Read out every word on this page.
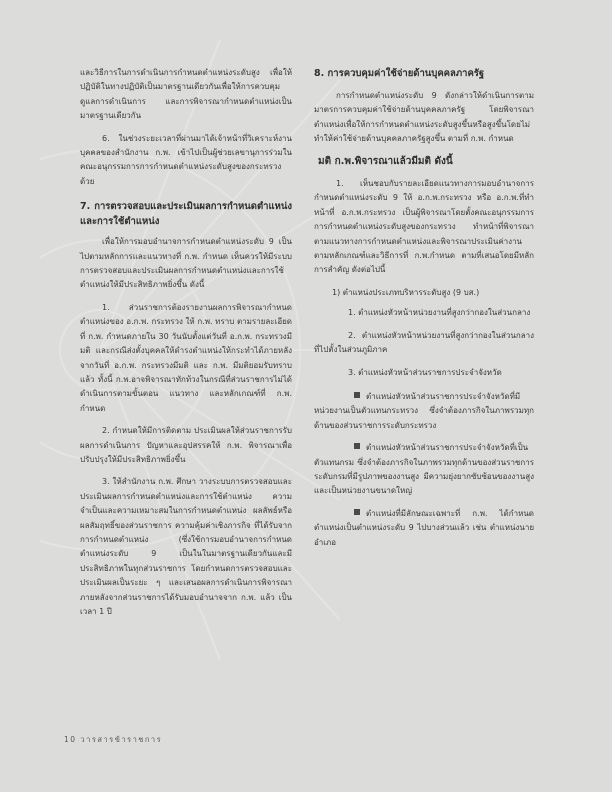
และวิธีการในการดำเนินการกำหนดตำแหน่งระดับสูง เพื่อให้ปฏิบัติในทางปฏิบัติเป็นมาตรฐานเดียวกันเพื่อให้การควบคุม ดูแลการดำเนินการ และการพิจารณากำหนดตำแหน่งเป็นมาตรฐานเดียวกัน

6. ในช่วงระยะเวลาที่ผ่านมาได้เจ้าหน้าที่วิเคราะห์งานบุคคลของสำนักงาน ก.พ. เข้าไปเป็นผู้ช่วยเลขานุการร่วมในคณะอนุกรรมการการกำหนดตำแหน่งระดับสูงของกระทรวงด้วย

7. การตรวจสอบและประเมินผลการกำหนดตำแหน่งและการใช้ตำแหน่ง

เพื่อให้การมอบอำนาจการกำหนดตำแหน่งระดับ 9 เป็นไปตามหลักการและแนวทางที่ ก.พ. กำหนด เห็นควรให้มีระบบการตรวจสอบและประเมินผลการกำหนดตำแหน่งและการใช้ตำแหน่งให้มีประสิทธิภาพยิ่งขึ้น ดังนี้

1. ส่วนราชการต้องรายงานผลการพิจารณากำหนดตำแหน่งของ อ.ก.พ. กระทรวง ให้ ก.พ. ทราบ ตามรายละเอียดที่ ก.พ. กำหนดภายใน 30 วันนับตั้งแต่วันที่ อ.ก.พ. กระทรวงมีมติ และกรณีส่งตั้งบุคคลให้ดำรงตำแหน่งให้กระทำได้ภายหลังจากวันที่ อ.ก.พ. กระทรวงมีมติ และ ก.พ. มีมติยอมรับทราบแล้ว ทั้งนี้ ก.พ.อาจพิจารณาทักท้วงในกรณีที่ส่วนราชการไม่ได้ดำเนินการตามขั้นตอน แนวทาง และหลักเกณฑ์ที่ ก.พ. กำหนด

2. กำหนดให้มีการติดตาม ประเมินผลให้ส่วนราชการรับผลการดำเนินการ ปัญหาและอุปสรรคให้ ก.พ. พิจารณาเพื่อปรับปรุงให้มีประสิทธิภาพยิ่งขึ้น

3. ให้สำนักงาน ก.พ. ศึกษา วางระบบการตรวจสอบและประเมินผลการกำหนดตำแหน่งและการใช้ตำแหน่ง ความจำเป็นและความเหมาะสมในการกำหนดตำแหน่ง ผลลัพธ์หรือผลสัมฤทธิ์ของส่วนราชการ ความคุ้มค่าเชิงภารกิจ ที่ได้รับจากการกำหนดตำแหน่ง (ซึ่งใช้การมอบอำนาจการกำหนดตำแหน่งระดับ 9 เป็นในในมาตรฐานเดียวกันและมีประสิทธิภาพในทุกส่วนราชการ โดยกำหนดการตรวจสอบและประเมินผลเป็นระยะ ๆ และเสนอผลการดำเนินการพิจารณาภายหลังจากส่วนราชการได้รับมอบอำนาจจาก ก.พ. แล้ว เป็นเวลา 1 ปี

8. การควบคุมค่าใช้จ่ายด้านบุคคลภาครัฐ

การกำหนดตำแหน่งระดับ 9 ดังกล่าวให้ดำเนินการตามมาตรการควบคุมค่าใช้จ่ายด้านบุคคลภาครัฐ โดยพิจารณาตำแหน่งเพื่อให้การกำหนดตำแหน่งระดับสูงขึ้นหรือสูงขึ้นโดยไม่ทำให้ค่าใช้จ่ายด้านบุคคลภาครัฐสูงขึ้น ตามที่ ก.พ. กำหนด

มติ ก.พ.พิจารณาแล้วมีมติ ดังนี้

1. เห็นชอบกับรายละเอียดแนวทางการมอบอำนาจการกำหนดตำแหน่งระดับ 9 ให้ อ.ก.พ.กระทรวง หรือ อ.ก.พ.ที่ทำหน้าที่ อ.ก.พ.กระทรวง เป็นผู้พิจารณาโดยตั้งคณะอนุกรรมการการกำหนดตำแหน่งระดับสูงของกระทรวง ทำหน้าที่พิจารณาตามแนวทางการกำหนดตำแหน่งและพิจารณาประเมินค่างานตามหลักเกณฑ์และวิธีการที่ ก.พ.กำหนด ตามที่เสนอโดยมีหลักการสำคัญ ดังต่อไปนี้

1) ตำแหน่งประเภทบริหารระดับสูง (9 บส.)

1. ตำแหน่งหัวหน้าหน่วยงานที่สูงกว่ากองในส่วนกลาง

2. ตำแหน่งหัวหน้าหน่วยงานที่สูงกว่ากองในส่วนกลางที่ไปตั้งในส่วนภูมิภาค

3. ตำแหน่งหัวหน้าส่วนราชการประจำจังหวัด

ตำแหน่งหัวหน้าส่วนราชการประจำจังหวัดที่มีหน่วยงานเป็นตัวแทนกระทรวง ซึ่งจำต้องภารกิจในภาพรวมทุกด้านของส่วนราชการระดับกระทรวง

ตำแหน่งหัวหน้าส่วนราชการประจำจังหวัดที่เป็นตัวแทนกรม ซึ่งจำต้องภารกิจในภาพรวมทุกด้านของส่วนราชการระดับกรมที่มีรูปภาพของงานสูง มีความยุ่งยากซับซ้อนของงานสูง และเป็นหน่วยงานขนาดใหญ่

ตำแหน่งที่มีลักษณะเฉพาะที่ ก.พ. ได้กำหนดตำแหน่งเป็นตำแหน่งระดับ 9 ไปบางส่วนแล้ว เช่น ตำแหน่งนายอำเภอ

10 วารสารข้าราชการ
